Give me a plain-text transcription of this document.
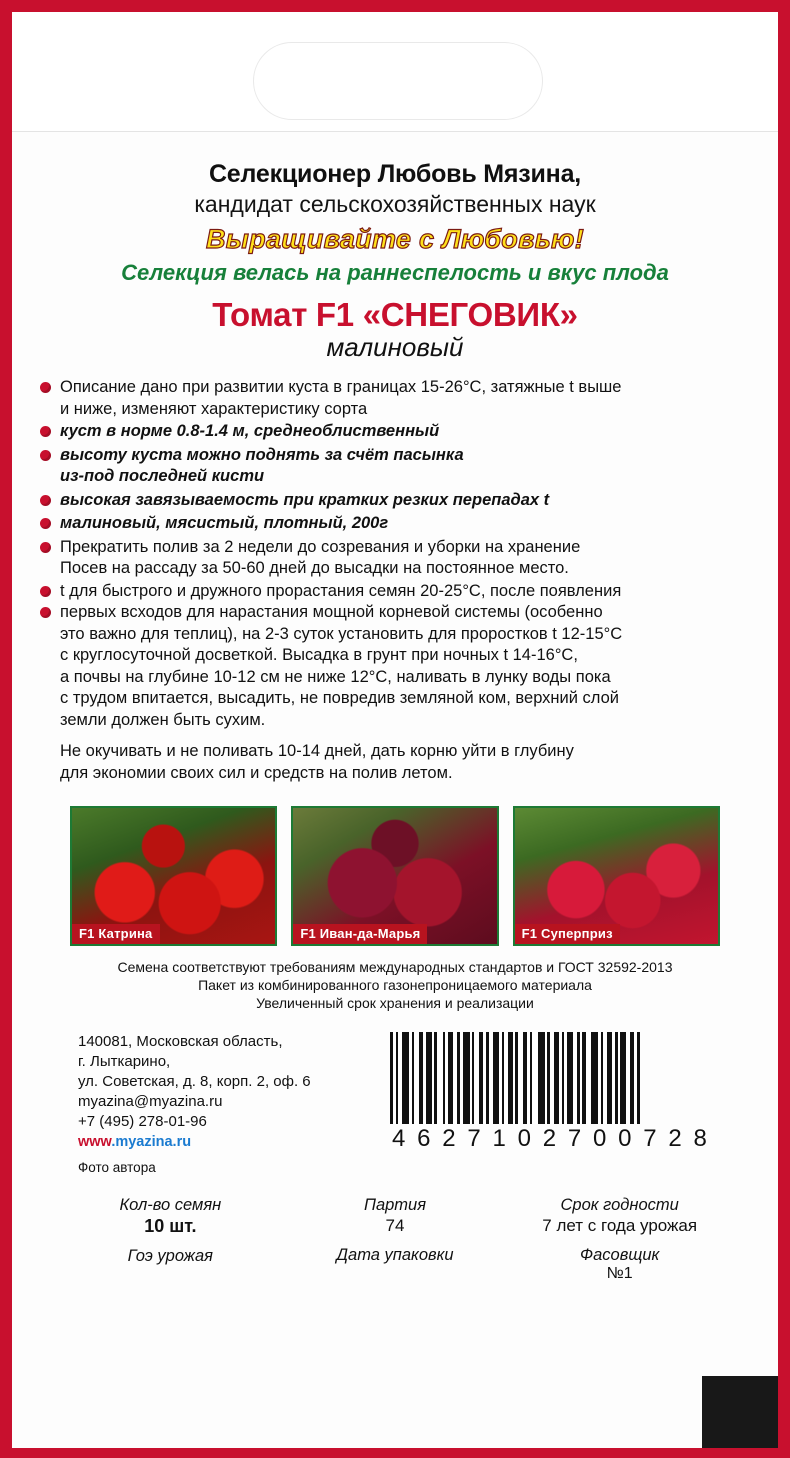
Селекционер Любовь Мязина,
кандидат сельскохозяйственных наук
Выращивайте с Любовью!
Селекция велась на раннеспелость и вкус плода
Томат F1 «СНЕГОВИК»
малиновый
Описание дано при развитии куста в границах 15-26°C, затяжные t выше
и ниже, изменяют характеристику сорта
куст в норме 0.8-1.4 м, среднеоблиственный
высоту куста можно поднять за счёт пасынка
из-под последней кисти
высокая завязываемость при кратких резких перепадах t
малиновый, мясистый, плотный, 200г
Прекратить полив за 2 недели до созревания и уборки на хранение
Посев на рассаду за 50-60 дней до высадки на постоянное место.
t для быстрого и дружного прорастания семян 20-25°C, после появления
первых всходов для нарастания мощной корневой системы (особенно
это важно для теплиц), на 2-3 суток установить для проростков t 12-15°C
с круглосуточной досветкой. Высадка в грунт при ночных t 14-16°C,
а почвы на глубине 10-12 см не ниже 12°C, наливать в лунку воды пока
с трудом впитается, высадить, не повредив земляной ком, верхний слой
земли должен быть сухим.
Не окучивать и не поливать 10-14 дней, дать корню уйти в глубину
для экономии своих сил и средств на полив летом.
F1 Катрина	F1 Иван-да-Марья	F1 Суперприз
Семена соответствуют требованиям международных стандартов и ГОСТ 32592-2013
Пакет из комбинированного газонепроницаемого материала
Увеличенный срок хранения и реализации
140081, Московская область,
г. Лыткарино,
ул. Советская, д. 8, корп. 2, оф. 6
myazina@myazina.ru
+7 (495) 278-01-96
www.myazina.ru
Фото автора
4 6 2 7 1 0 2 7 0 0 7 2 8
Кол-во семян
10 шт.
Гоэ урожая
Партия
74
Дата упаковки
Срок годности
7 лет с года урожая
Фасовщик
№1
